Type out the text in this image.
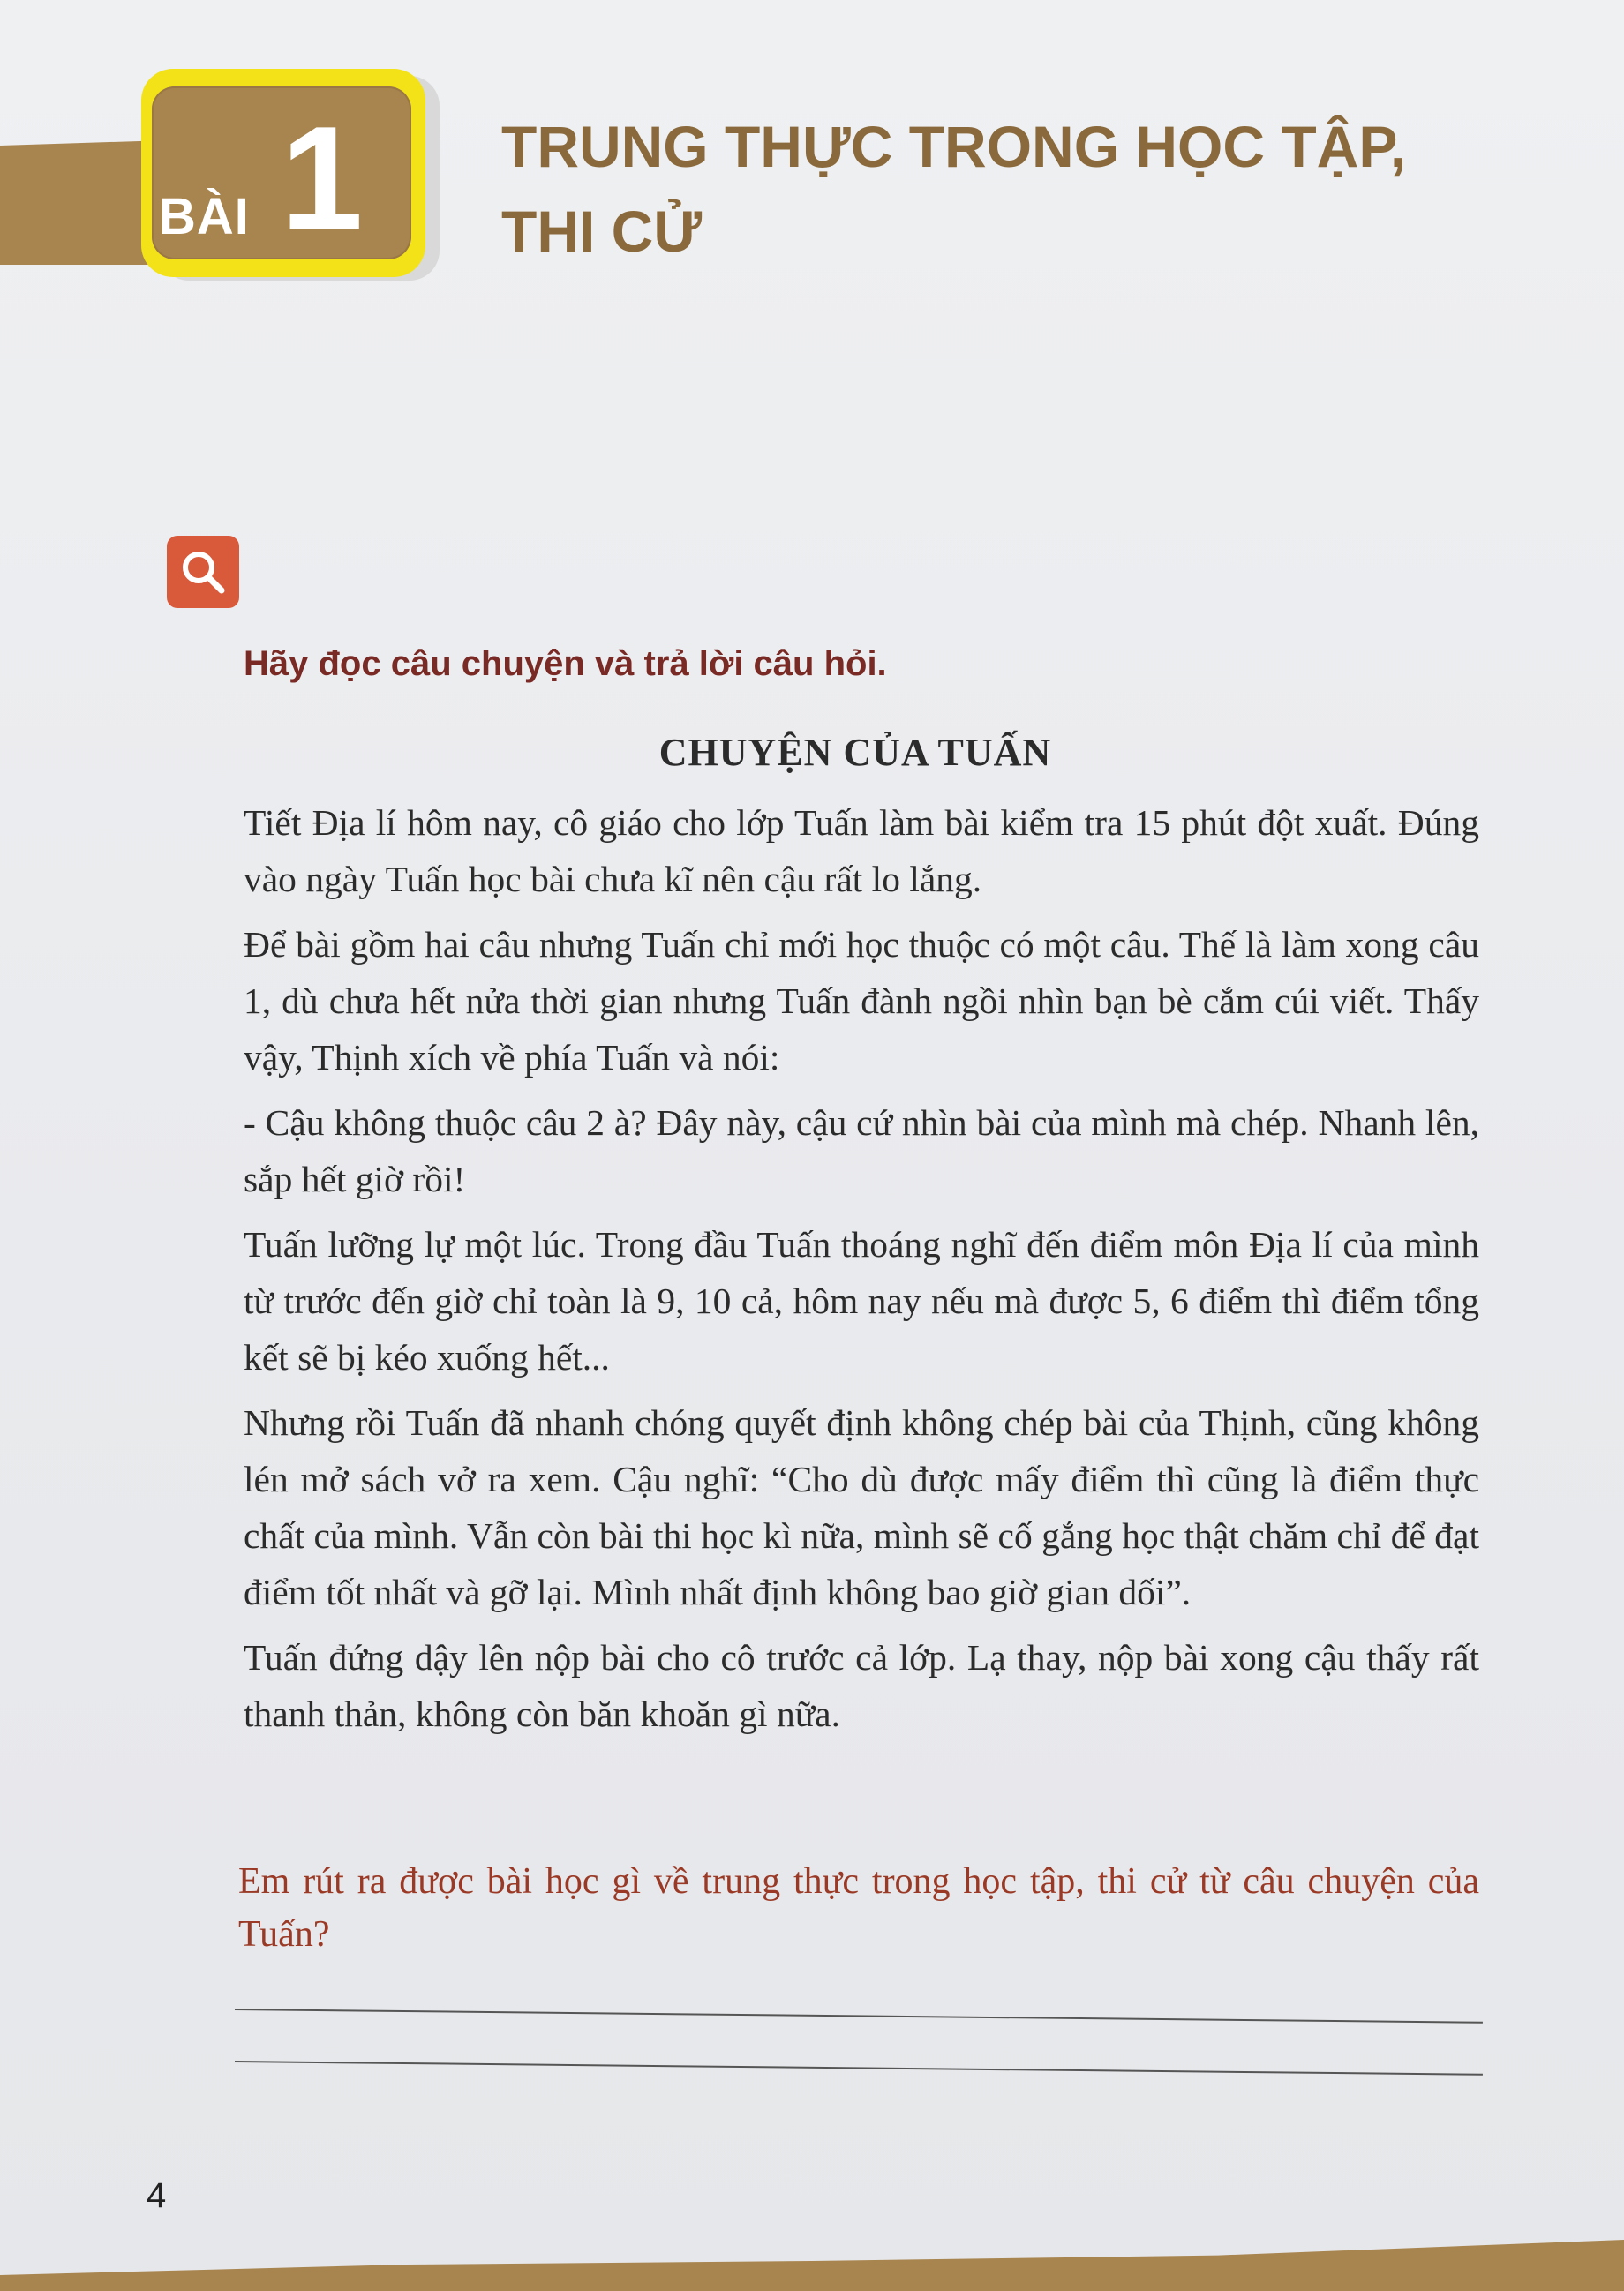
BÀI 1 TRUNG THỰC TRONG HỌC TẬP,
THI CỬ
Hãy đọc câu chuyện và trả lời câu hỏi.
CHUYỆN CỦA TUẤN

Tiết Địa lí hôm nay, cô giáo cho lớp Tuấn làm bài kiểm tra 15 phút đột xuất. Đúng vào ngày Tuấn học bài chưa kĩ nên cậu rất lo lắng.

Để bài gồm hai câu nhưng Tuấn chỉ mới học thuộc có một câu. Thế là làm xong câu 1, dù chưa hết nửa thời gian nhưng Tuấn đành ngồi nhìn bạn bè cắm cúi viết. Thấy vậy, Thịnh xích về phía Tuấn và nói:

- Cậu không thuộc câu 2 à? Đây này, cậu cứ nhìn bài của mình mà chép. Nhanh lên, sắp hết giờ rồi!

Tuấn lưỡng lự một lúc. Trong đầu Tuấn thoáng nghĩ đến điểm môn Địa lí của mình từ trước đến giờ chỉ toàn là 9, 10 cả, hôm nay nếu mà được 5, 6 điểm thì điểm tổng kết sẽ bị kéo xuống hết...

Nhưng rồi Tuấn đã nhanh chóng quyết định không chép bài của Thịnh, cũng không lén mở sách vở ra xem. Cậu nghĩ: “Cho dù được mấy điểm thì cũng là điểm thực chất của mình. Vẫn còn bài thi học kì nữa, mình sẽ cố gắng học thật chăm chỉ để đạt điểm tốt nhất và gỡ lại. Mình nhất định không bao giờ gian dối”.

Tuấn đứng dậy lên nộp bài cho cô trước cả lớp. Lạ thay, nộp bài xong cậu thấy rất thanh thản, không còn băn khoăn gì nữa.

Em rút ra được bài học gì về trung thực trong học tập, thi cử từ câu chuyện của Tuấn?
4
